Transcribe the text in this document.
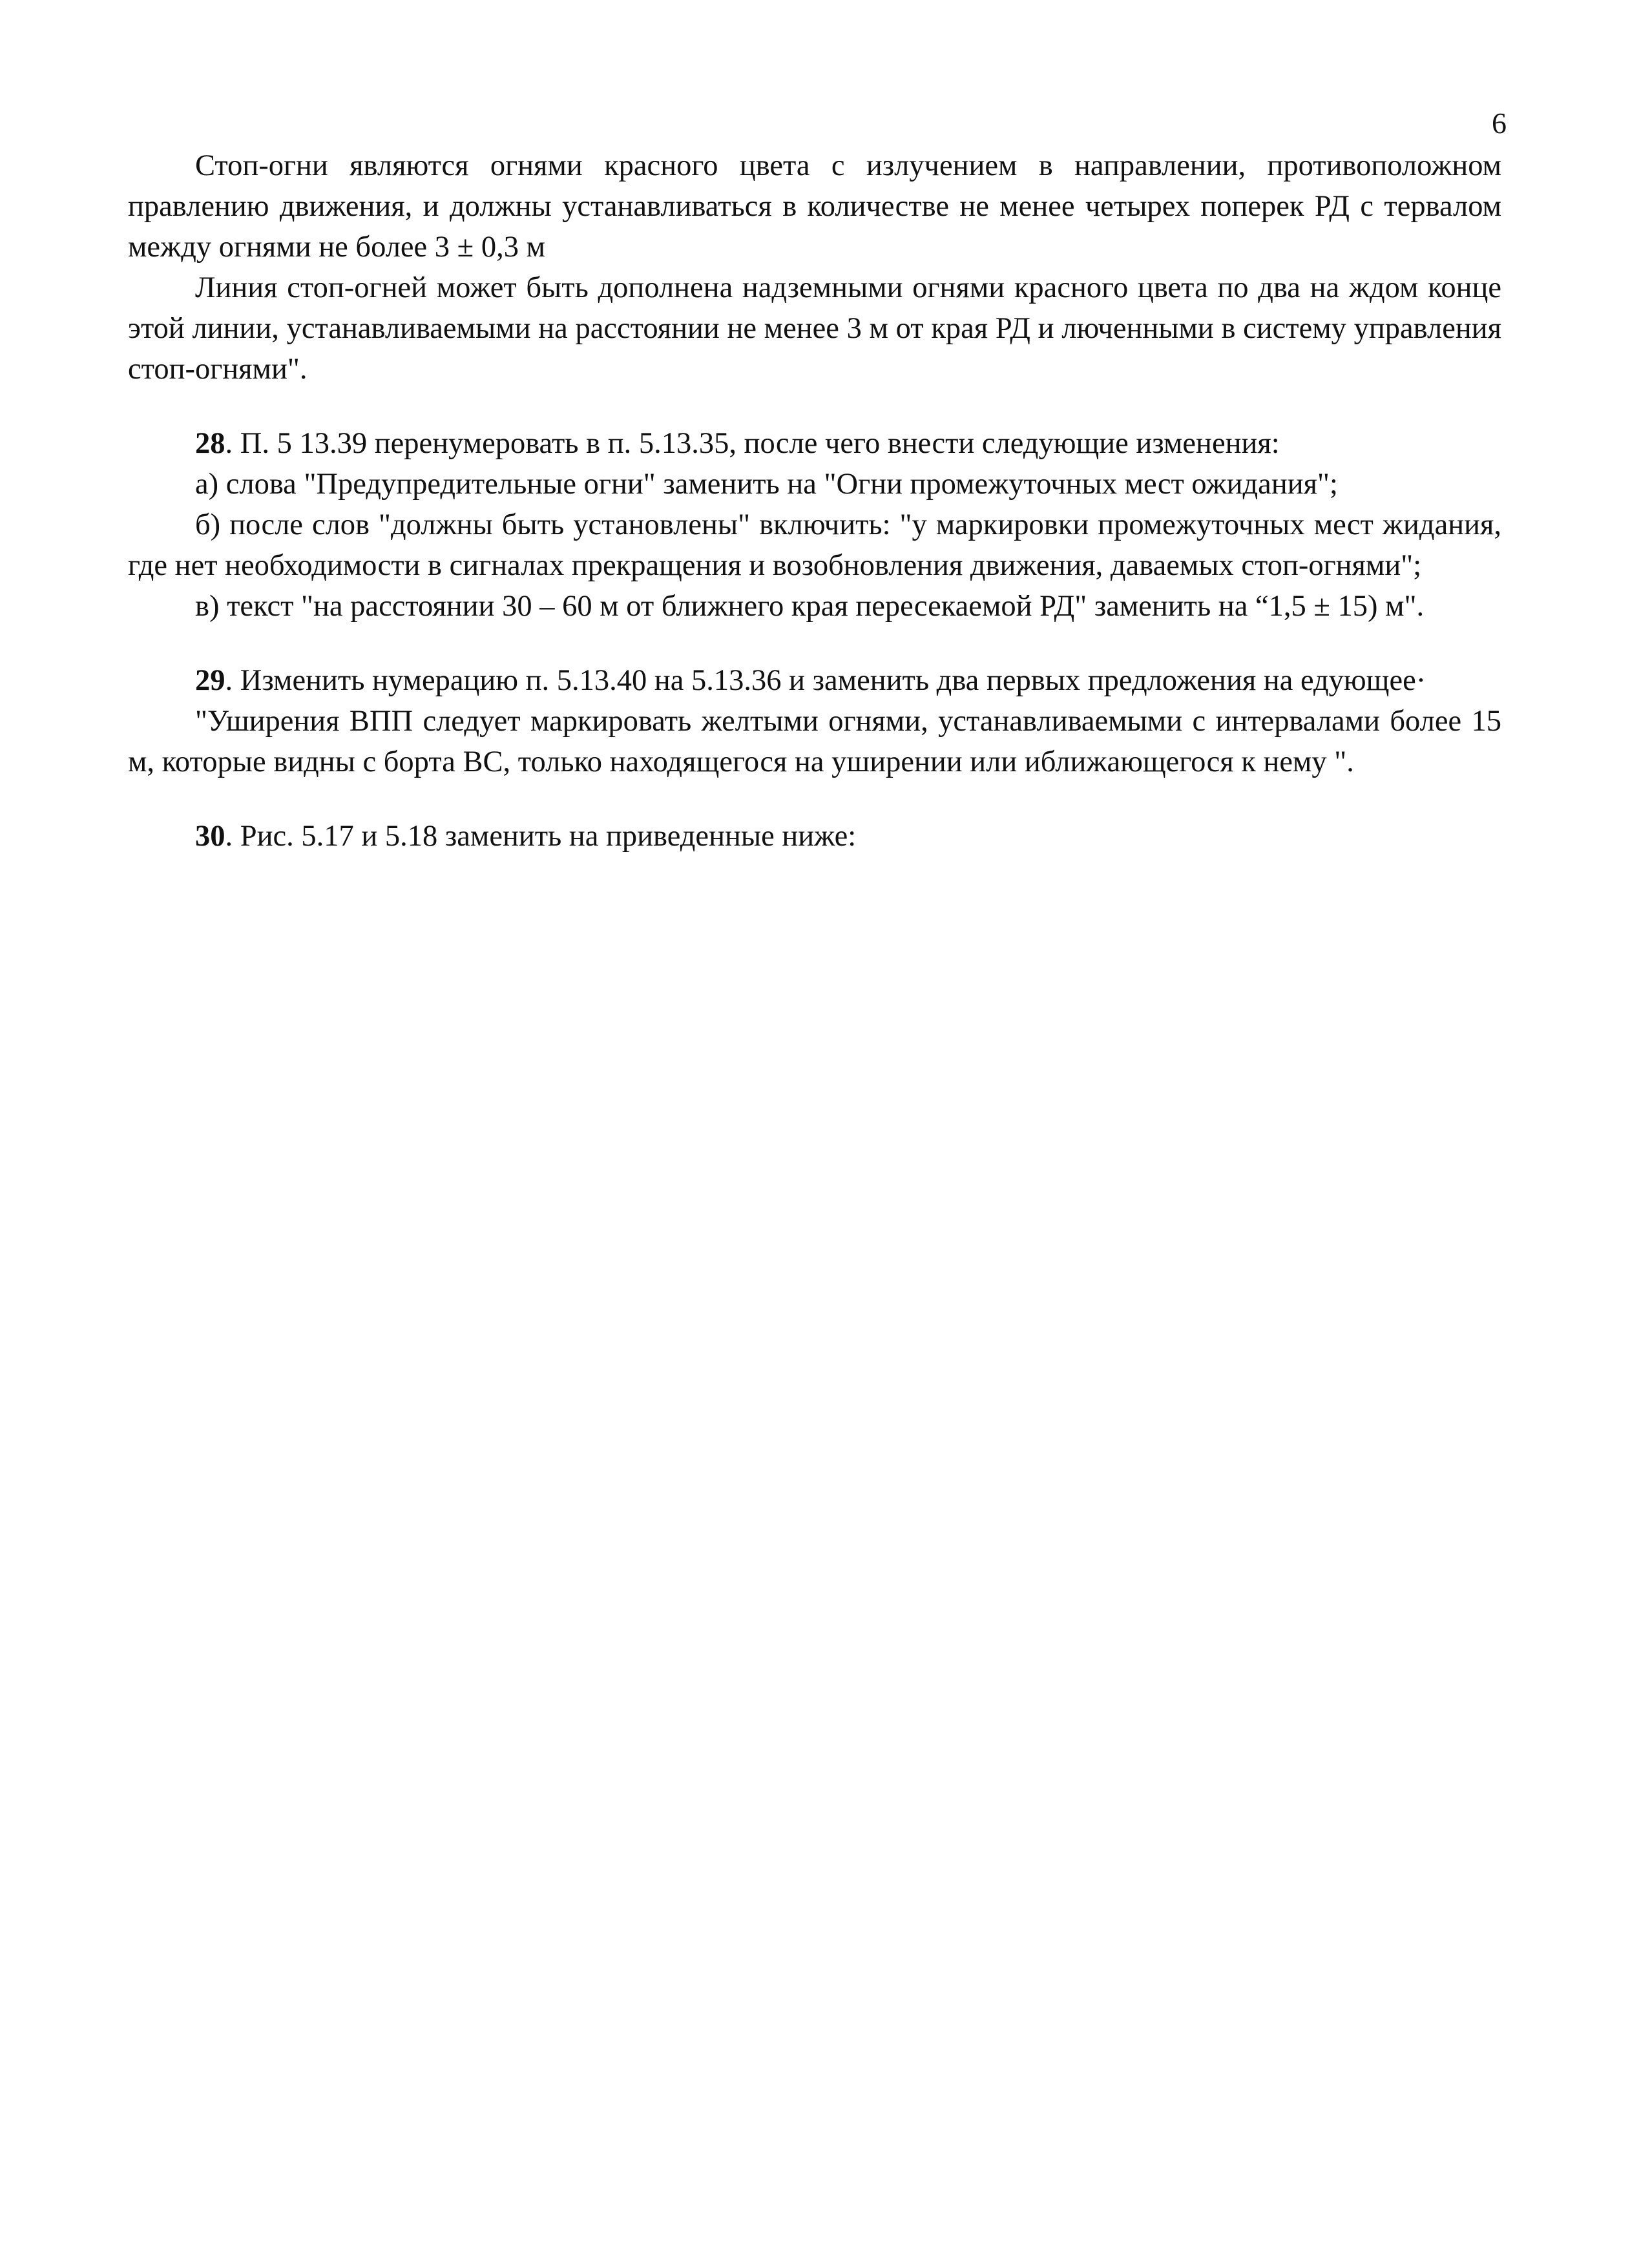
6

Стоп-огни являются огнями красного цвета с излучением в направлении, противоположном правлению движения, и должны устанавливаться в количестве не менее четырех поперек РД с тервалом между огнями не более 3 ± 0,3 м

Линия стоп-огней может быть дополнена надземными огнями красного цвета по два на ждом конце этой линии, устанавливаемыми на расстоянии не менее 3 м от края РД и люченными в систему управления стоп-огнями".

28. П. 5 13.39 перенумеровать в п. 5.13.35, после чего внести следующие изменения:

а) слова "Предупредительные огни" заменить на "Огни промежуточных мест ожидания";

б) после слов "должны быть установлены" включить: "у маркировки промежуточных мест жидания, где нет необходимости в сигналах прекращения и возобновления движения, даваемых стоп-огнями";

в) текст "на расстоянии 30 – 60 м от ближнего края пересекаемой РД" заменить на “1,5 ± 15) м".

29. Изменить нумерацию п. 5.13.40 на 5.13.36 и заменить два первых предложения на едующее·

"Уширения ВПП следует маркировать желтыми огнями, устанавливаемыми с интервалами более 15 м, которые видны с борта ВС, только находящегося на уширении или иближающегося к нему ".

30. Рис. 5.17 и 5.18 заменить на приведенные ниже:
